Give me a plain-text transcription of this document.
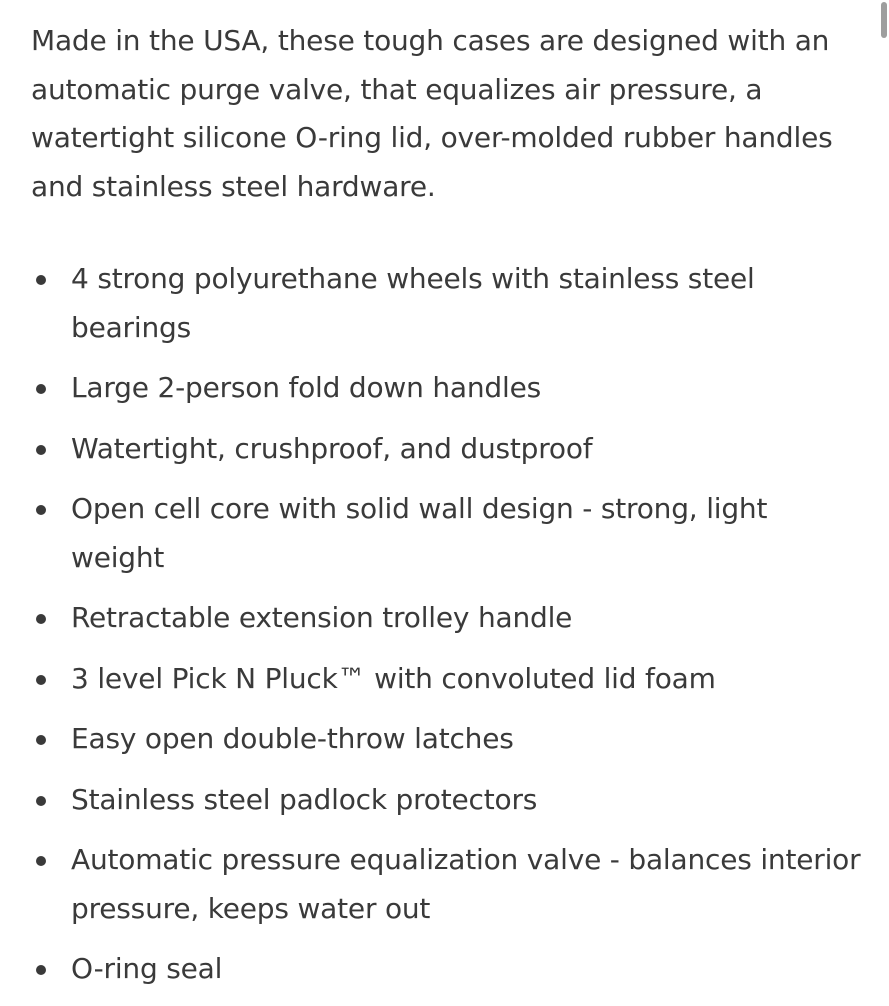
Made in the USA, these tough cases are designed with an automatic purge valve, that equalizes air pressure, a watertight silicone O-ring lid, over-molded rubber handles and stainless steel hardware.

4 strong polyurethane wheels with stainless steel bearings
Large 2-person fold down handles
Watertight, crushproof, and dustproof
Open cell core with solid wall design - strong, light weight
Retractable extension trolley handle
3 level Pick N Pluck™ with convoluted lid foam
Easy open double-throw latches
Stainless steel padlock protectors
Automatic pressure equalization valve - balances interior pressure, keeps water out
O-ring seal
